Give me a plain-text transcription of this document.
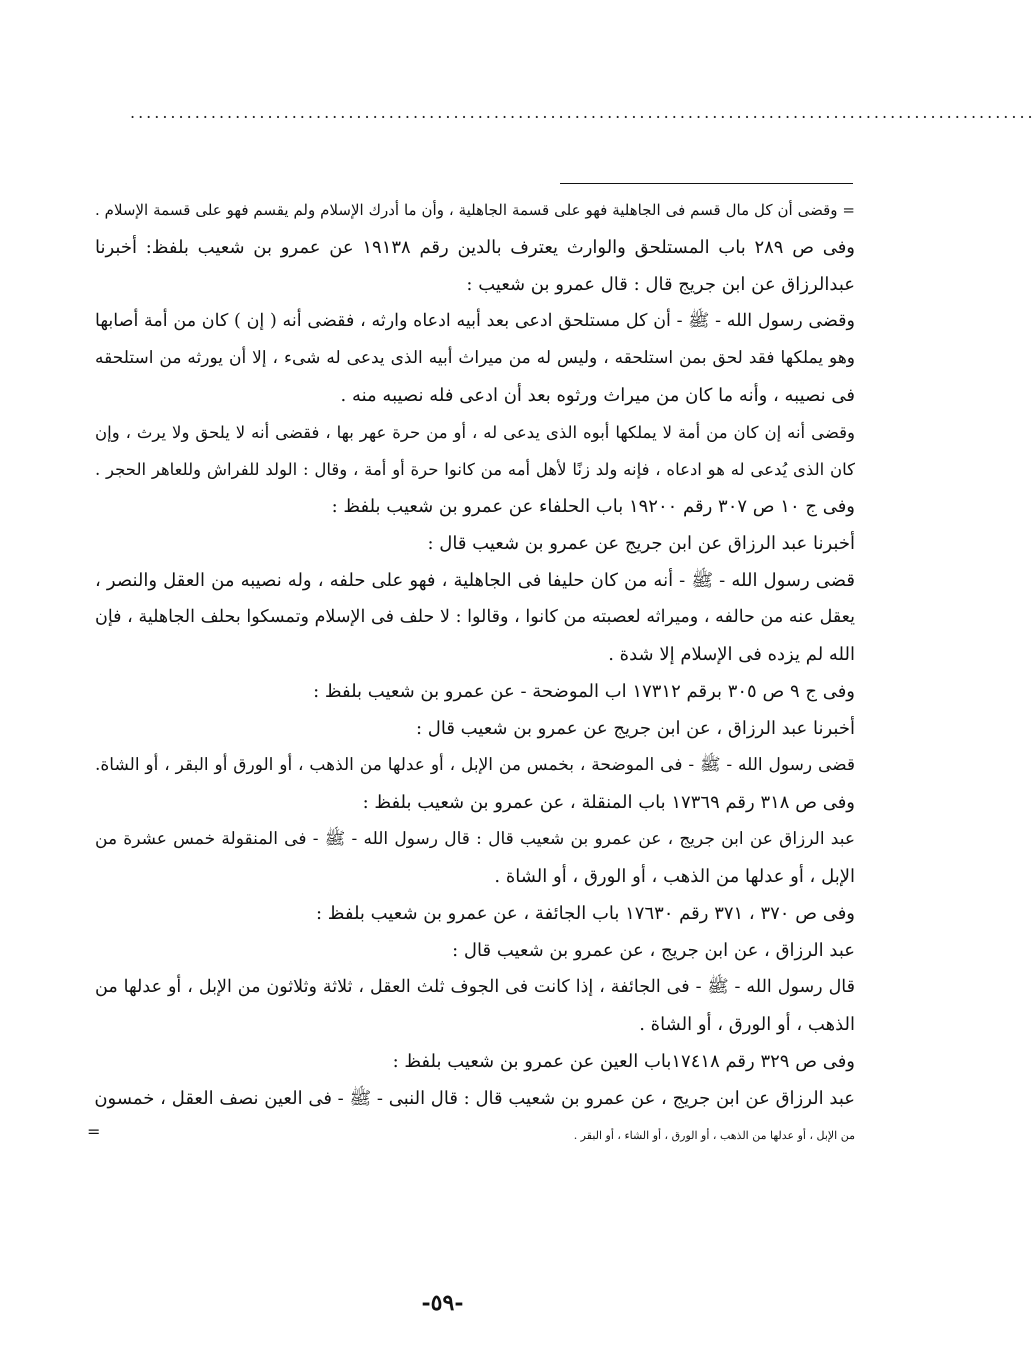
................................................................................................................
= وقضى أن كل مال قسم فى الجاهلية فهو على قسمة الجاهلية ، وأن ما أدرك الإسلام ولم يقسم فهو على قسمة الإسلام .
وفى ص ٢٨٩ باب المستلحق والوارث يعترف بالدين رقم ١٩١٣٨ عن عمرو بن شعيب بلفظ: أخبرنا
عبدالرزاق عن ابن جريج قال : قال عمرو بن شعيب :
وقضى رسول الله - ﷺ - أن كل مستلحق ادعى بعد أبيه ادعاه وارثه ، فقضى أنه ( إن ) كان من أمة أصابها
وهو يملكها فقد لحق بمن استلحقه ، وليس له من ميراث أبيه الذى يدعى له شىء ، إلا أن يورثه من استلحقه
فى نصيبه ، وأنه ما كان من ميراث ورثوه بعد أن ادعى فله نصيبه منه .
وقضى أنه إن كان من أمة لا يملكها أبوه الذى يدعى له ، أو من حرة عهر بها ، فقضى أنه لا يلحق ولا يرث ، وإن
كان الذى يُدعى له هو ادعاه ، فإنه ولد زنًا لأهل أمه من كانوا حرة أو أمة ، وقال : الولد للفراش وللعاهر الحجر .
وفى ج ١٠ ص ٣٠٧ رقم ١٩٢٠٠ باب الحلفاء عن عمرو بن شعيب بلفظ :
أخبرنا عبد الرزاق عن ابن جريج عن عمرو بن شعيب قال :
قضى رسول الله - ﷺ - أنه من كان حليفا فى الجاهلية ، فهو على حلفه ، وله نصيبه من العقل والنصر ،
يعقل عنه من حالفه ، وميراثه لعصبته من كانوا ، وقالوا : لا حلف فى الإسلام وتمسكوا بحلف الجاهلية ، فإن
الله لم يزده فى الإسلام إلا شدة .
وفى ج ٩ ص ٣٠٥ برقم ١٧٣١٢ اب الموضحة - عن عمرو بن شعيب بلفظ :
أخبرنا عبد الرزاق ، عن ابن جريج عن عمرو بن شعيب قال :
قضى رسول الله - ﷺ - فى الموضحة ، بخمس من الإبل ، أو عدلها من الذهب ، أو الورق أو البقر ، أو الشاة.
وفى ص ٣١٨ رقم ١٧٣٦٩ باب المنقلة ، عن عمرو بن شعيب بلفظ :
عبد الرزاق عن ابن جريج ، عن عمرو بن شعيب قال : قال رسول الله - ﷺ - فى المنقولة خمس عشرة من
الإبل ، أو عدلها من الذهب ، أو الورق ، أو الشاة .
وفى ص ٣٧٠ ، ٣٧١ رقم ١٧٦٣٠ باب الجائفة ، عن عمرو بن شعيب بلفظ :
عبد الرزاق ، عن ابن جريج ، عن عمرو بن شعيب قال :
قال رسول الله - ﷺ - فى الجائفة ، إذا كانت فى الجوف ثلث العقل ، ثلاثة وثلاثون من الإبل ، أو عدلها من
الذهب ، أو الورق ، أو الشاة .
وفى ص ٣٢٩ رقم ١٧٤١٨باب العين عن عمرو بن شعيب بلفظ :
عبد الرزاق عن ابن جريج ، عن عمرو بن شعيب قال : قال النبى - ﷺ - فى العين نصف العقل ، خمسون
من الإبل ، أو عدلها من الذهب ، أو الورق ، أو الشاء ، أو البقر .
=
-٥٩-
